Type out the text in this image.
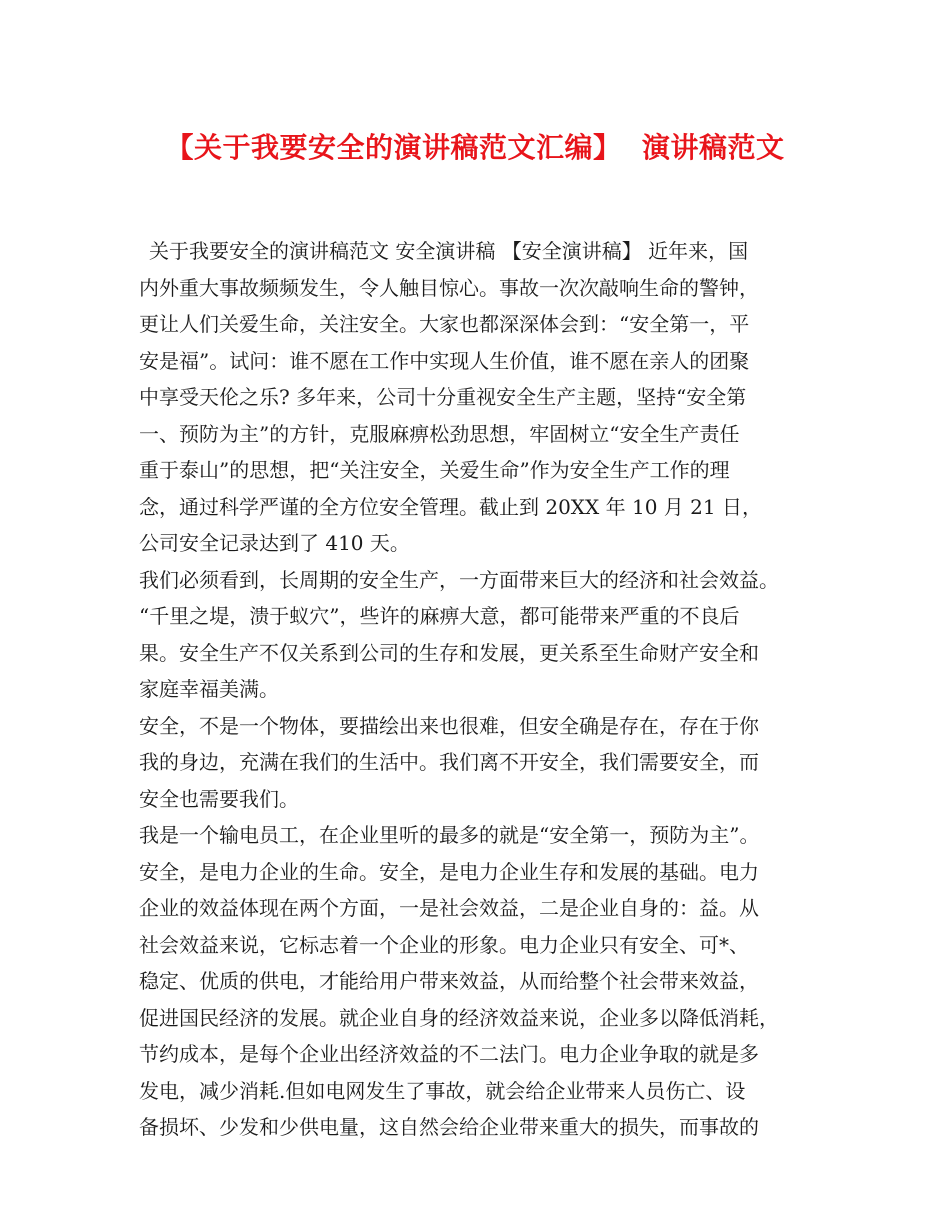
【关于我要安全的演讲稿范文汇编】  演讲稿范文
关于我要安全的演讲稿范文 安全演讲稿 【安全演讲稿】 近年来，国
内外重大事故频频发生，令人触目惊心。事故一次次敲响生命的警钟，
更让人们关爱生命，关注安全。大家也都深深体会到：“安全第一，平
安是福”。试问：谁不愿在工作中实现人生价值，谁不愿在亲人的团聚
中享受天伦之乐? 多年来，公司十分重视安全生产主题，坚持“安全第
一、预防为主”的方针，克服麻痹松劲思想，牢固树立“安全生产责任
重于泰山”的思想，把“关注安全，关爱生命”作为安全生产工作的理
念，通过科学严谨的全方位安全管理。截止到 20XX 年 10 月 21 日，
公司安全记录达到了 410 天。
我们必须看到，长周期的安全生产，一方面带来巨大的经济和社会效益。
“千里之堤，溃于蚁穴”，些许的麻痹大意，都可能带来严重的不良后
果。安全生产不仅关系到公司的生存和发展，更关系至生命财产安全和
家庭幸福美满。
安全，不是一个物体，要描绘出来也很难，但安全确是存在，存在于你
我的身边，充满在我们的生活中。我们离不开安全，我们需要安全，而
安全也需要我们。
我是一个输电员工，在企业里听的最多的就是“安全第一，预防为主”。
安全，是电力企业的生命。安全，是电力企业生存和发展的基础。电力
企业的效益体现在两个方面，一是社会效益，二是企业自身的：益。从
社会效益来说，它标志着一个企业的形象。电力企业只有安全、可*、
稳定、优质的供电，才能给用户带来效益，从而给整个社会带来效益，
促进国民经济的发展。就企业自身的经济效益来说，企业多以降低消耗，
节约成本，是每个企业出经济效益的不二法门。电力企业争取的就是多
发电，减少消耗.但如电网发生了事故，就会给企业带来人员伤亡、设
备损坏、少发和少供电量，这自然会给企业带来重大的损失，而事故的
